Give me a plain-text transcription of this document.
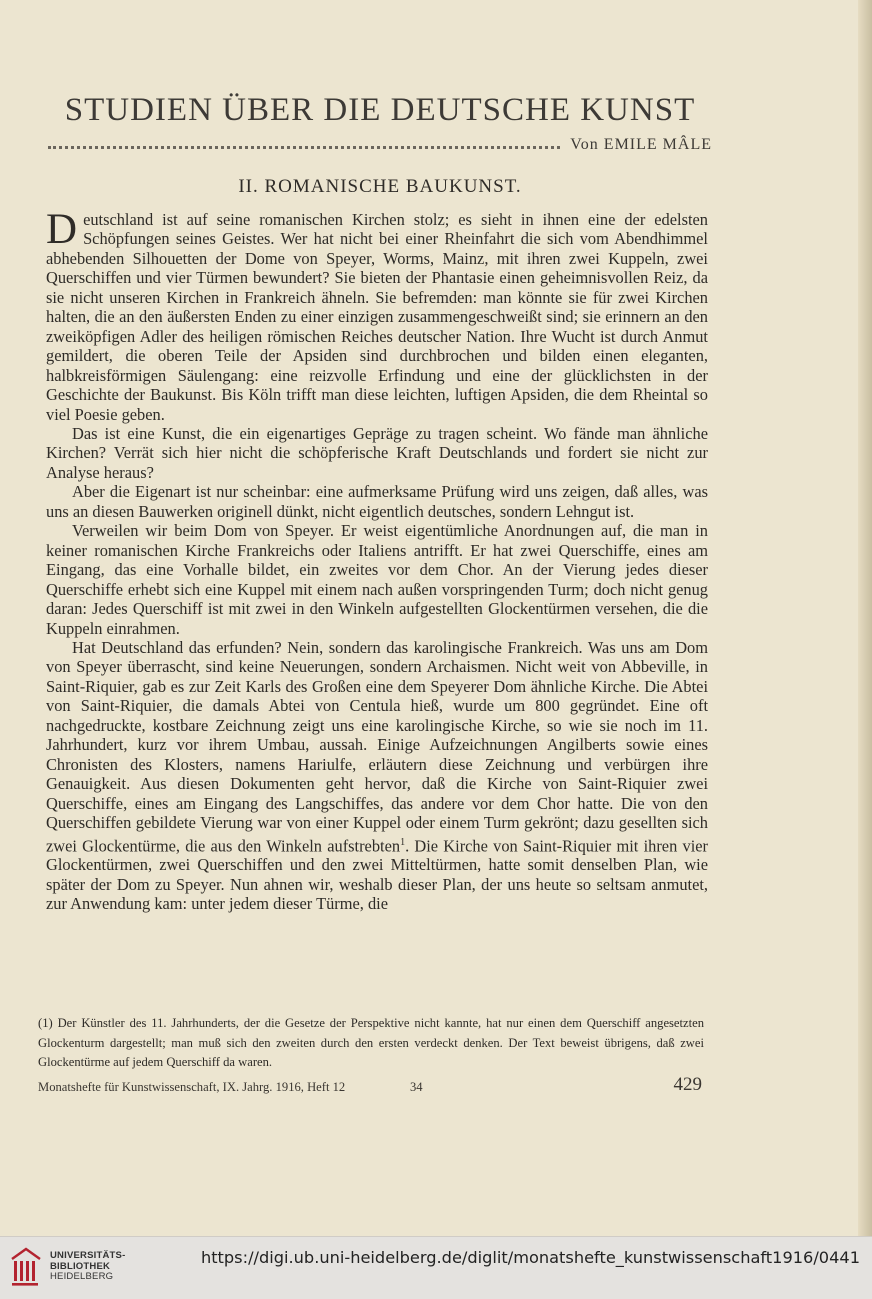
STUDIEN ÜBER DIE DEUTSCHE KUNST
Von EMILE MÂLE
II. ROMANISCHE BAUKUNST.

Deutschland ist auf seine romanischen Kirchen stolz; es sieht in ihnen eine der edelsten Schöpfungen seines Geistes. Wer hat nicht bei einer Rheinfahrt die sich vom Abendhimmel abhebenden Silhouetten der Dome von Speyer, Worms, Mainz, mit ihren zwei Kuppeln, zwei Querschiffen und vier Türmen bewundert? Sie bieten der Phantasie einen geheimnisvollen Reiz, da sie nicht unseren Kirchen in Frankreich ähneln. Sie befremden: man könnte sie für zwei Kirchen halten, die an den äußersten Enden zu einer einzigen zusammengeschweißt sind; sie erinnern an den zweiköpfigen Adler des heiligen römischen Reiches deutscher Nation. Ihre Wucht ist durch Anmut gemildert, die oberen Teile der Apsiden sind durchbrochen und bilden einen eleganten, halbkreisförmigen Säulengang: eine reizvolle Erfindung und eine der glücklichsten in der Geschichte der Baukunst. Bis Köln trifft man diese leichten, luftigen Apsiden, die dem Rheintal so viel Poesie geben.

Das ist eine Kunst, die ein eigenartiges Gepräge zu tragen scheint. Wo fände man ähnliche Kirchen? Verrät sich hier nicht die schöpferische Kraft Deutschlands und fordert sie nicht zur Analyse heraus?

Aber die Eigenart ist nur scheinbar: eine aufmerksame Prüfung wird uns zeigen, daß alles, was uns an diesen Bauwerken originell dünkt, nicht eigentlich deutsches, sondern Lehngut ist.

Verweilen wir beim Dom von Speyer. Er weist eigentümliche Anordnungen auf, die man in keiner romanischen Kirche Frankreichs oder Italiens antrifft. Er hat zwei Querschiffe, eines am Eingang, das eine Vorhalle bildet, ein zweites vor dem Chor. An der Vierung jedes dieser Querschiffe erhebt sich eine Kuppel mit einem nach außen vorspringenden Turm; doch nicht genug daran: Jedes Querschiff ist mit zwei in den Winkeln aufgestellten Glockentürmen versehen, die die Kuppeln einrahmen.

Hat Deutschland das erfunden? Nein, sondern das karolingische Frankreich. Was uns am Dom von Speyer überrascht, sind keine Neuerungen, sondern Archaismen. Nicht weit von Abbeville, in Saint-Riquier, gab es zur Zeit Karls des Großen eine dem Speyerer Dom ähnliche Kirche. Die Abtei von Saint-Riquier, die damals Abtei von Centula hieß, wurde um 800 gegründet. Eine oft nachgedruckte, kostbare Zeichnung zeigt uns eine karolingische Kirche, so wie sie noch im 11. Jahrhundert, kurz vor ihrem Umbau, aussah. Einige Aufzeichnungen Angilberts sowie eines Chronisten des Klosters, namens Hariulfe, erläutern diese Zeichnung und verbürgen ihre Genauigkeit. Aus diesen Dokumenten geht hervor, daß die Kirche von Saint-Riquier zwei Querschiffe, eines am Eingang des Langschiffes, das andere vor dem Chor hatte. Die von den Querschiffen gebildete Vierung war von einer Kuppel oder einem Turm gekrönt; dazu gesellten sich zwei Glockentürme, die aus den Winkeln aufstrebten$^1$. Die Kirche von Saint-Riquier mit ihren vier Glockentürmen, zwei Querschiffen und den zwei Mitteltürmen, hatte somit denselben Plan, wie später der Dom zu Speyer. Nun ahnen wir, weshalb dieser Plan, der uns heute so seltsam anmutet, zur Anwendung kam: unter jedem dieser Türme, die

(1) Der Künstler des 11. Jahrhunderts, der die Gesetze der Perspektive nicht kannte, hat nur einen dem Querschiff angesetzten Glockenturm dargestellt; man muß sich den zweiten durch den ersten verdeckt denken. Der Text beweist übrigens, daß zwei Glockentürme auf jedem Querschiff da waren.
Monatshefte für Kunstwissenschaft, IX. Jahrg. 1916, Heft 12	34	429
UNIVERSITÄTS-
BIBLIOTHEK
HEIDELBERG
https://digi.ub.uni-heidelberg.de/diglit/monatshefte_kunstwissenschaft1916/0441
